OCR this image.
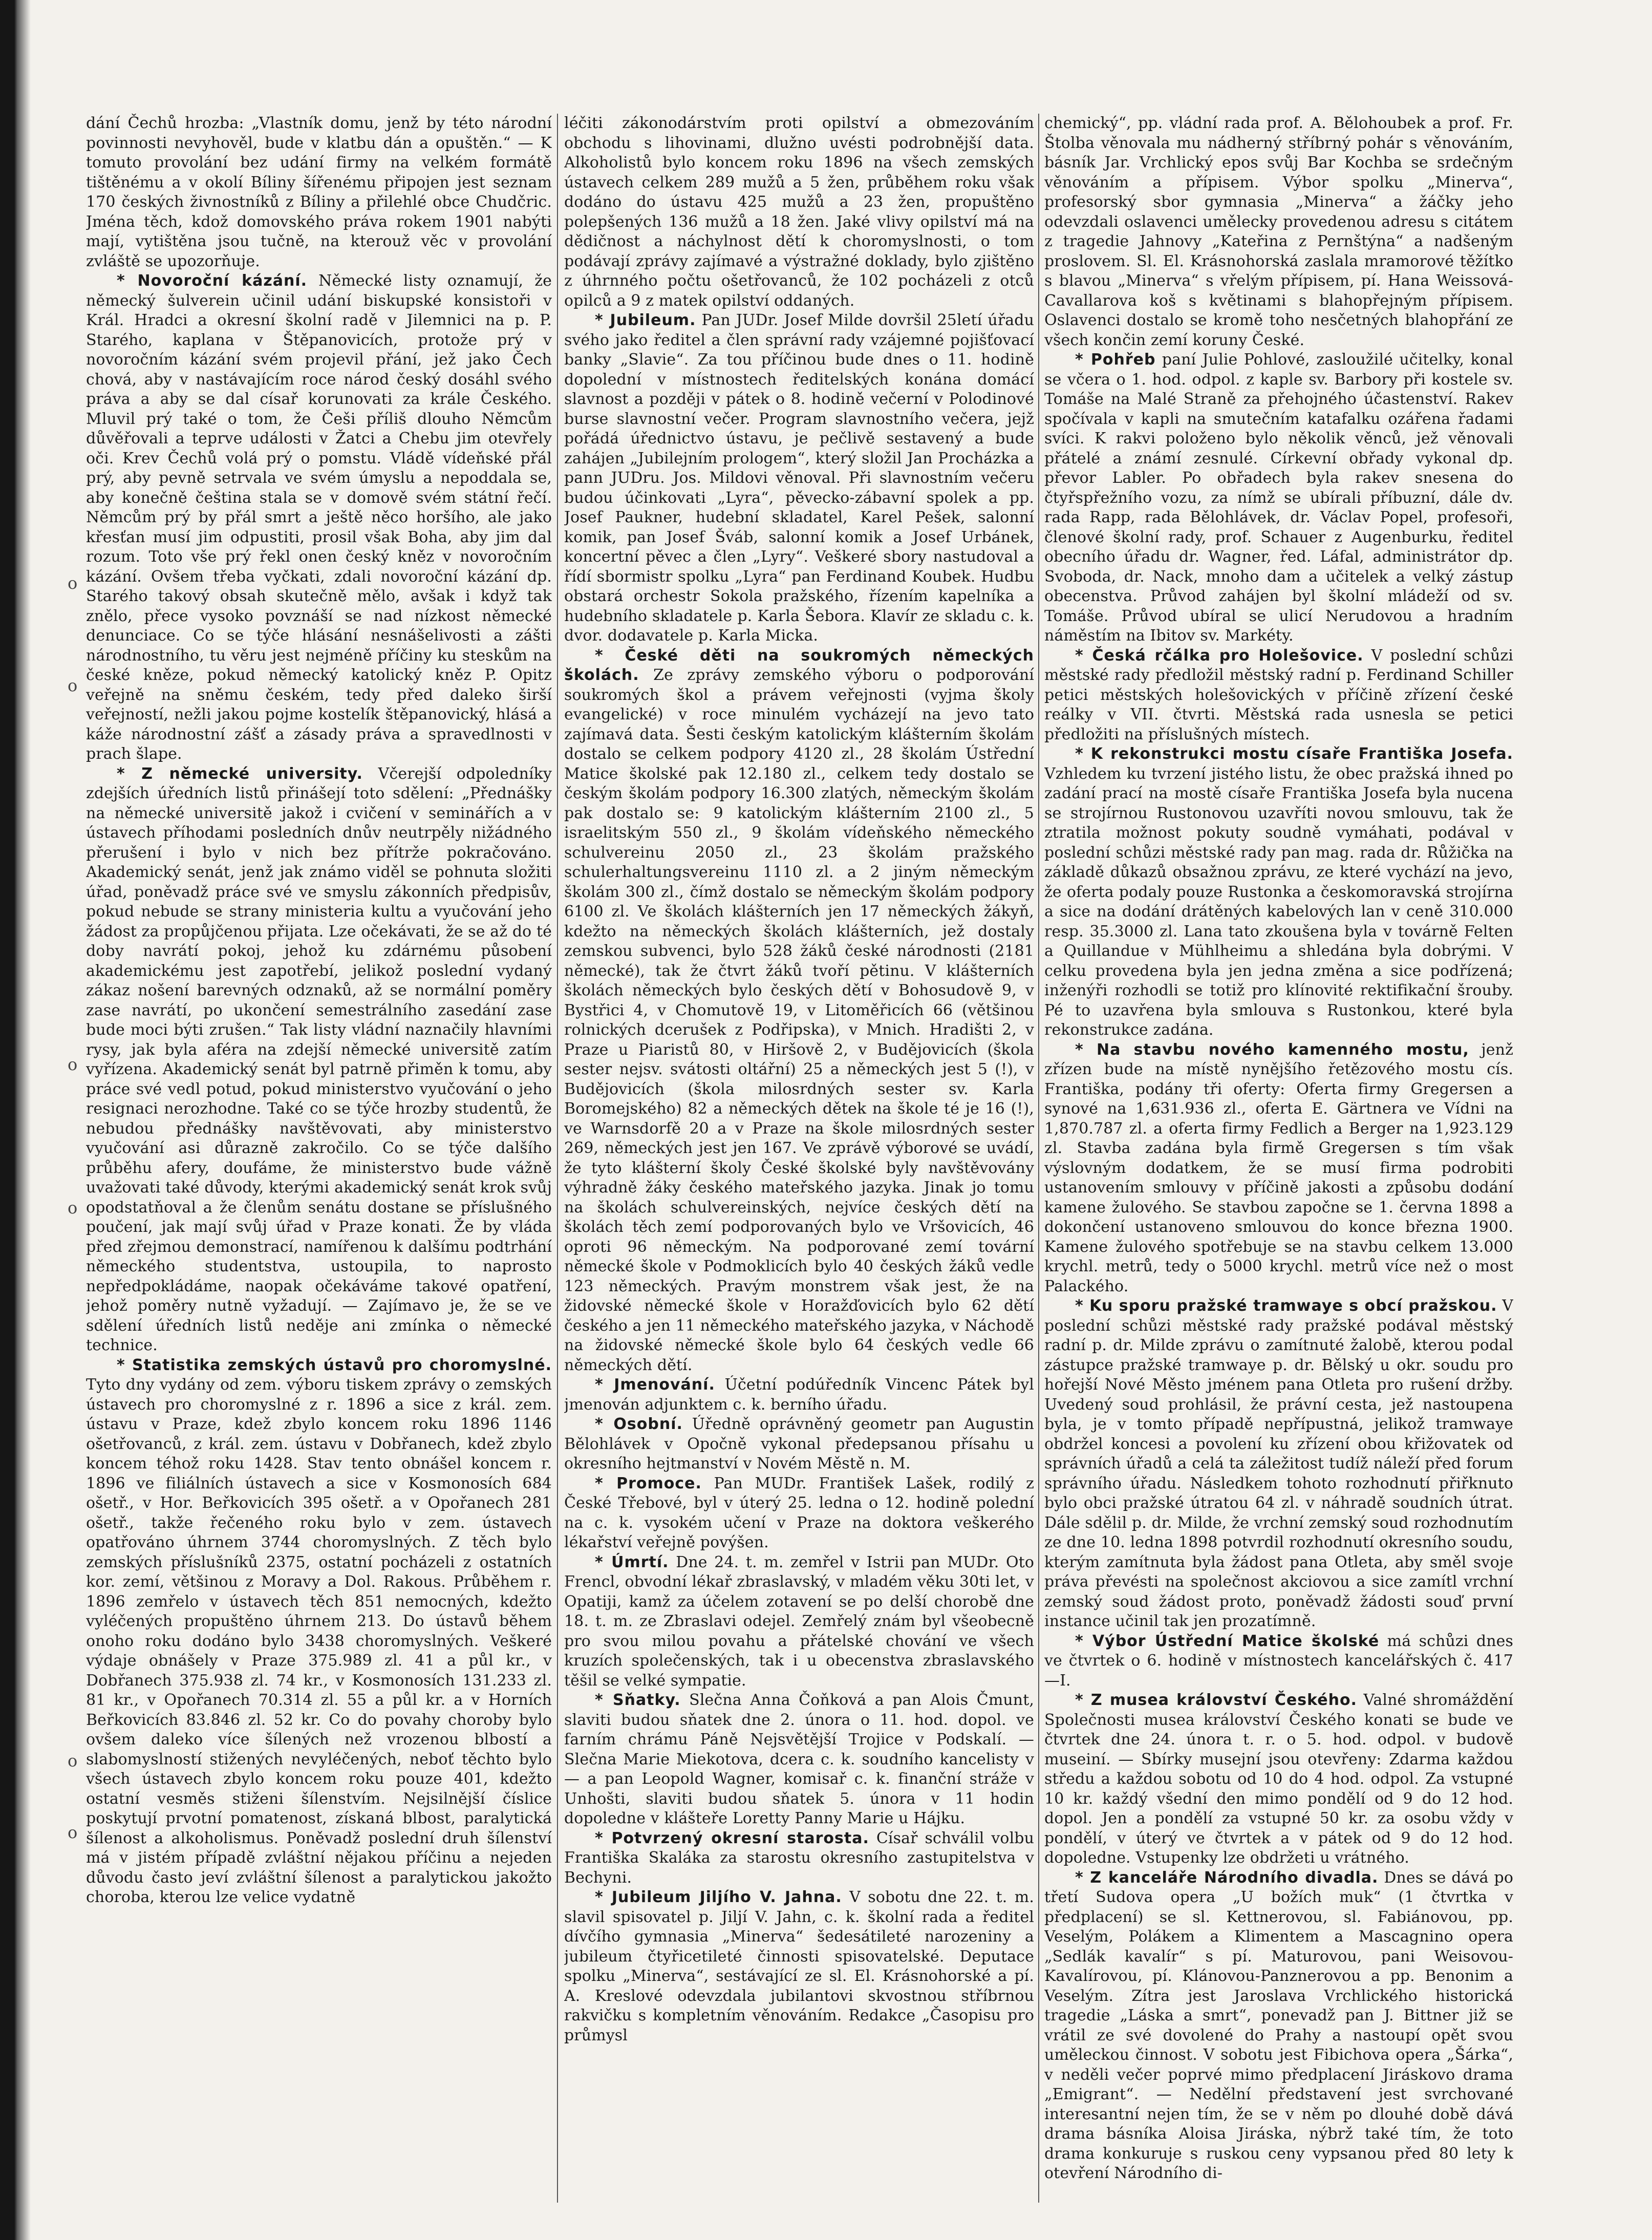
o
o
o
o
o
o

dání Čechů hrozba: „Vlastník domu, jenž by této národní povinnosti nevyhověl, bude v klatbu dán a opuštěn.“ — K tomuto provolání bez udání firmy na velkém formátě tištěnému a v okolí Bíliny šířenému připojen jest seznam 170 českých živnostníků z Bíliny a přilehlé obce Chudčric. Jména těch, kdož domovského práva rokem 1901 nabýti mají, vytištěna jsou tučně, na kterouž věc v provolání zvláště se upozorňuje.

* Novoroční kázání. Německé listy oznamují, že německý šulverein učinil udání biskupské konsistoři v Král. Hradci a okresní školní radě v Jilemnici na p. P. Starého, kaplana v Štěpanovicích, protože prý v novoročním kázání svém projevil přání, jež jako Čech chová, aby v nastávajícím roce národ český dosáhl svého práva a aby se dal císař korunovati za krále Českého. Mluvil prý také o tom, že Češi příliš dlouho Němcům důvěřovali a teprve události v Žatci a Chebu jim otevřely oči. Krev Čechů volá prý o pomstu. Vládě vídeňské přál prý, aby pevně setrvala ve svém úmyslu a nepoddala se, aby konečně čeština stala se v domově svém státní řečí. Němcům prý by přál smrt a ještě něco horšího, ale jako křesťan musí jim odpustiti, prosil však Boha, aby jim dal rozum. Toto vše prý řekl onen český kněz v novoročním kázání. Ovšem třeba vyčkati, zdali novoroční kázání dp. Starého takový obsah skutečně mělo, avšak i když tak znělo, přece vysoko povznáší se nad nízkost německé denunciace. Co se týče hlásání nesnášelivosti a zášti národnostního, tu věru jest nejméně příčiny ku steskům na české kněze, pokud německý katolický kněz P. Opitz veřejně na sněmu českém, tedy před daleko širší veřejností, nežli jakou pojme kostelík štěpanovický, hlásá a káže národnostní zášť a zásady práva a spravedlnosti v prach šlape.

* Z německé university. Včerejší odpoledníky zdejších úředních listů přinášejí toto sdělení: „Přednášky na německé universitě jakož i cvičení v seminářích a v ústavech příhodami posledních dnův neutrpěly nižádného přerušení i bylo v nich bez přítrže pokračováno. Akademický senát, jenž jak známo viděl se pohnuta složiti úřad, poněvadž práce své ve smyslu zákonních předpisův, pokud nebude se strany ministeria kultu a vyučování jeho žádost za propůjčenou přijata. Lze očekávati, že se až do té doby navrátí pokoj, jehož ku zdárnému působení akademickému jest zapotřebí, jelikož poslední vydaný zákaz nošení barevných odznaků, až se normální poměry zase navrátí, po ukončení semestrálního zasedání zase bude moci býti zrušen.“ Tak listy vládní naznačily hlavními rysy, jak byla aféra na zdejší německé universitě zatím vyřízena. Akademický senát byl patrně přiměn k tomu, aby práce své vedl potud, pokud ministerstvo vyučování o jeho resignaci nerozhodne. Také co se týče hrozby studentů, že nebudou přednášky navštěvovati, aby ministerstvo vyučování asi důrazně zakročilo. Co se týče dalšího průběhu afery, doufáme, že ministerstvo bude vážně uvažovati také důvody, kterými akademický senát krok svůj opodstatňoval a že členům senátu dostane se příslušného poučení, jak mají svůj úřad v Praze konati. Že by vláda před zřejmou demonstrací, namířenou k dalšímu podtrhání německého studentstva, ustoupila, to naprosto nepředpokládáme, naopak očekáváme takové opatření, jehož poměry nutně vyžadují. — Zajímavo je, že se ve sdělení úředních listů neděje ani zmínka o německé technice.

* Statistika zemských ústavů pro choromyslné. Tyto dny vydány od zem. výboru tiskem zprávy o zemských ústavech pro choromyslné z r. 1896 a sice z král. zem. ústavu v Praze, kdež zbylo koncem roku 1896 1146 ošetřovanců, z král. zem. ústavu v Dobřanech, kdež zbylo koncem téhož roku 1428. Stav tento obnášel koncem r. 1896 ve filiálních ústavech a sice v Kosmonosích 684 ošetř., v Hor. Beřkovicích 395 ošetř. a v Opořanech 281 ošetř., takže řečeného roku bylo v zem. ústavech opatřováno úhrnem 3744 choromyslných. Z těch bylo zemských příslušníků 2375, ostatní pocházeli z ostatních kor. zemí, většinou z Moravy a Dol. Rakous. Průběhem r. 1896 zemřelo v ústavech těch 851 nemocných, kdežto vyléčených propuštěno úhrnem 213. Do ústavů během onoho roku dodáno bylo 3438 choromyslných. Veškeré výdaje obnášely v Praze 375.989 zl. 41 a půl kr., v Dobřanech 375.938 zl. 74 kr., v Kosmonosích 131.233 zl. 81 kr., v Opořanech 70.314 zl. 55 a půl kr. a v Horních Beřkovicích 83.846 zl. 52 kr. Co do povahy choroby bylo ovšem daleko více šílených než vrozenou blbostí a slabomyslností stižených nevyléčených, neboť těchto bylo všech ústavech zbylo koncem roku pouze 401, kdežto ostatní vesměs stiženi šílenstvím. Nejsilnější číslice poskytují prvotní pomatenost, získaná blbost, paralytická šílenost a alkoholismus. Poněvadž poslední druh šílenství má v jistém případě zvláštní nějakou příčinu a nejeden důvodu často jeví zvláštní šílenost a paralytickou jakožto choroba, kterou lze velice vydatně

léčiti zákonodárstvím proti opilství a obmezováním obchodu s lihovinami, dlužno uvésti podrobnější data. Alkoholistů bylo koncem roku 1896 na všech zemských ústavech celkem 289 mužů a 5 žen, průběhem roku však dodáno do ústavu 425 mužů a 23 žen, propuštěno polepšených 136 mužů a 18 žen. Jaké vlivy opilství má na dědičnost a náchylnost dětí k choromyslnosti, o tom podávají zprávy zajímavé a výstražné doklady, bylo zjištěno z úhrnného počtu ošetřovanců, že 102 pocházeli z otců opilců a 9 z matek opilství oddaných.

* Jubileum. Pan JUDr. Josef Milde dovršil 25letí úřadu svého jako ředitel a člen správní rady vzájemné pojišťovací banky „Slavie“. Za tou příčinou bude dnes o 11. hodině dopolední v místnostech ředitelských konána domácí slavnost a později v pátek o 8. hodině večerní v Polodinové burse slavnostní večer. Program slavnostního večera, jejž pořádá úřednictvo ústavu, je pečlivě sestavený a bude zahájen „Jubilejním prologem“, který složil Jan Procházka a pann JUDru. Jos. Mildovi věnoval. Při slavnostním večeru budou účinkovati „Lyra“, pěvecko-zábavní spolek a pp. Josef Paukner, hudební skladatel, Karel Pešek, salonní komik, pan Josef Šváb, salonní komik a Josef Urbánek, koncertní pěvec a člen „Lyry“. Veškeré sbory nastudoval a řídí sbormistr spolku „Lyra“ pan Ferdinand Koubek. Hudbu obstará orchestr Sokola pražského, řízením kapelníka a hudebního skladatele p. Karla Šebora. Klavír ze skladu c. k. dvor. dodavatele p. Karla Micka.

* České děti na soukromých německých školách. Ze zprávy zemského výboru o podporování soukromých škol a právem veřejnosti (vyjma školy evangelické) v roce minulém vycházejí na jevo tato zajímavá data. Šesti českým katolickým klášterním školám dostalo se celkem podpory 4120 zl., 28 školám Ústřední Matice školské pak 12.180 zl., celkem tedy dostalo se českým školám podpory 16.300 zlatých, německým školám pak dostalo se: 9 katolickým klášterním 2100 zl., 5 israelitským 550 zl., 9 školám vídeňského německého schulvereinu 2050 zl., 23 školám pražského schulerhaltungsvereinu 1110 zl. a 2 jiným německým školám 300 zl., čímž dostalo se německým školám podpory 6100 zl. Ve školách klášterních jen 17 německých žákyň, kdežto na německých školách klášterních, jež dostaly zemskou subvenci, bylo 528 žáků české národnosti (2181 německé), tak že čtvrt žáků tvoří pětinu. V klášterních školách německých bylo českých dětí v Bohosudově 9, v Bystřici 4, v Chomutově 19, v Litoměřicích 66 (většinou rolnických dcerušek z Podřipska), v Mnich. Hradišti 2, v Praze u Piaristů 80, v Hiršově 2, v Budějovicích (škola sester nejsv. svátosti oltářní) 25 a německých jest 5 (!), v Budějovicích (škola milosrdných sester sv. Karla Boromejského) 82 a německých dětek na škole té je 16 (!), ve Warnsdorfě 20 a v Praze na škole milosrdných sester 269, německých jest jen 167. Ve zprávě výborové se uvádí, že tyto klášterní školy České školské byly navštěvovány výhradně žáky českého mateřského jazyka. Jinak jo tomu na školách schulvereinských, nejvíce českých dětí na školách těch zemí podporovaných bylo ve Vršovicích, 46 oproti 96 německým. Na podporované zemí tovární německé škole v Podmoklicích bylo 40 českých žáků vedle 123 německých. Pravým monstrem však jest, že na židovské německé škole v Horažďovicích bylo 62 dětí českého a jen 11 německého mateřského jazyka, v Náchodě na židovské německé škole bylo 64 českých vedle 66 německých dětí.

* Jmenování. Účetní podúředník Vincenc Pátek byl jmenován adjunktem c. k. berního úřadu.

* Osobní. Úředně oprávněný geometr pan Augustin Bělohlávek v Opočně vykonal předepsanou přísahu u okresního hejtmanství v Novém Městě n. M.

* Promoce. Pan MUDr. František Lašek, rodilý z České Třebové, byl v úterý 25. ledna o 12. hodině polední na c. k. vysokém učení v Praze na doktora veškerého lékařství veřejně povýšen.

* Úmrtí. Dne 24. t. m. zemřel v Istrii pan MUDr. Oto Frencl, obvodní lékař zbraslavský, v mladém věku 30ti let, v Opatiji, kamž za účelem zotavení se po delší chorobě dne 18. t. m. ze Zbraslavi odejel. Zemřelý znám byl všeobecně pro svou milou povahu a přátelské chování ve všech kruzích společenských, tak i u obecenstva zbraslavského těšil se velké sympatie.

* Sňatky. Slečna Anna Čoňková a pan Alois Čmunt, slaviti budou sňatek dne 2. února o 11. hod. dopol. ve farním chrámu Páně Nejsvětější Trojice v Podskalí. — Slečna Marie Miekotova, dcera c. k. soudního kancelisty v — a pan Leopold Wagner, komisař c. k. finanční stráže v Unhošti, slaviti budou sňatek 5. února v 11 hodin dopoledne v klášteře Loretty Panny Marie u Hájku.

* Potvrzený okresní starosta. Císař schválil volbu Františka Skalákа za starostu okresního zastupitelstva v Bechyni.

* Jubileum Jiljího V. Jahna. V sobotu dne 22. t. m. slavil spisovatel p. Jiljí V. Jahn, c. k. školní rada a ředitel dívčího gymnasia „Minerva“ šedesátileté narozeniny a jubileum čtyřicetileté činnosti spisovatelské. Deputace spolku „Minerva“, sestávající ze sl. El. Krásnohorské a pí. A. Kreslové odevzdala jubilantovi skvostnou stříbrnou rakvičku s kompletním věnováním. Redakce „Časopisu pro průmysl

chemický“, pp. vládní rada prof. A. Bělohoubek a prof. Fr. Štolba věnovala mu nádherný stříbrný pohár s věnováním, básník Jar. Vrchlický epos svůj Bar Kochba se srdečným věnováním a přípisem. Výbor spolku „Minerva“, profesorský sbor gymnasia „Minerva“ a žáčky jeho odevzdali oslavenci umělecky provedenou adresu s citátem z tragedie Jahnovy „Kateřina z Pernštýna“ a nadšeným proslovem. Sl. El. Krásnohorská zaslala mramorové těžítko s blavou „Minerva“ s vřelým přípisem, pí. Hana Weissová-Cavallarova koš s květinami s blahopřejným přípisem. Oslavenci dostalo se kromě toho nesčetných blahopřání ze všech končin zemí koruny České.

* Pohřeb paní Julie Pohlové, zasloužilé učitelky, konal se včera o 1. hod. odpol. z kaple sv. Barbory při kostele sv. Tomáše na Malé Straně za přehojného účastenství. Rakev spočívala v kapli na smutečním katafalku ozářena řadami svíci. K rakvi položeno bylo několik věnců, jež věnovali přátelé a známí zesnulé. Církevní obřady vykonal dp. převor Labler. Po obřadech byla rakev snesena do čtyřspřežního vozu, za nímž se ubírali příbuzní, dále dv. rada Rapp, rada Bělohlávek, dr. Václav Popel, profesoři, členové školní rady, prof. Schauer z Augenburku, ředitel obecního úřadu dr. Wagner, řed. Láfal, administrátor dp. Svoboda, dr. Nack, mnoho dam a učitelek a velký zástup obecenstva. Průvod zahájen byl školní mládeží od sv. Tomáše. Průvod ubíral se ulicí Nerudovou a hradním náměstím na Ibitov sv. Markéty.

* Česká rčálka pro Holešovice. V poslední schůzi městské rady předložil městský radní p. Ferdinand Schiller petici městských holešovických v příčině zřízení české reálky v VII. čtvrti. Městská rada usnesla se petici předložiti na příslušných místech.

* K rekonstrukci mostu císaře Františka Josefa. Vzhledem ku tvrzení jistého listu, že obec pražská ihned po zadání prací na mostě císaře Františka Josefa byla nucena se strojírnou Rustonovou uzavříti novou smlouvu, tak že ztratila možnost pokuty soudně vymáhati, podával v poslední schůzi městské rady pan mag. rada dr. Růžička na základě důkazů obsažnou zprávu, ze které vychází na jevo, že oferta podaly pouze Rustonka a českomoravská strojírna a sice na dodání drátěných kabelových lan v ceně 310.000 resp. 35.3000 zl. Lana tato zkoušena byla v továrně Felten a Quillandue v Mühlheimu a shledána byla dobrými. V celku provedena byla jen jedna změna a sice podřízená; inženýři rozhodli se totiž pro klínovité rektifikační šrouby. Pé to uzavřena byla smlouva s Rustonkou, které byla rekonstrukce zadána.

* Na stavbu nového kamenného mostu, jenž zřízen bude na místě nynějšího řetězového mostu cís. Františka, podány tři oferty: Oferta firmy Gregersen a synové na 1,631.936 zl., oferta E. Gärtnera ve Vídni na 1,870.787 zl. a oferta firmy Fedlich a Berger na 1,923.129 zl. Stavba zadána byla firmě Gregersen s tím však výslovným dodatkem, že se musí firma podrobiti ustanovením smlouvy v příčině jakosti a způsobu dodání kamene žulového. Se stavbou započne se 1. června 1898 a dokončení ustanoveno smlouvou do konce března 1900. Kamene žulového spotřebuje se na stavbu celkem 13.000 krychl. metrů, tedy o 5000 krychl. metrů více než o most Palackého.

* Ku sporu pražské tramwaye s obcí pražskou. V poslední schůzi městské rady pražské podával městský radní p. dr. Milde zprávu o zamítnuté žalobě, kterou podal zástupce pražské tramwaye p. dr. Bělský u okr. soudu pro hořejší Nové Město jménem pana Otleta pro rušení držby. Uvedený soud prohlásil, že právní cesta, jež nastoupena byla, je v tomto případě nepřípustná, jelikož tramwaye obdržel koncesi a povolení ku zřízení obou křižovatek od správních úřadů a celá ta záležitost tudíž náleží před forum správního úřadu. Následkem tohoto rozhodnutí přiřknuto bylo obci pražské útratou 64 zl. v náhradě soudních útrat. Dále sdělil p. dr. Milde, že vrchní zemský soud rozhodnutím ze dne 10. ledna 1898 potvrdil rozhodnutí okresního soudu, kterým zamítnuta byla žádost pana Otleta, aby směl svoje práva převésti na společnost akciovou a sice zamítl vrchní zemský soud žádost proto, poněvadž žádosti souď první instance učinil tak jen prozatímně.

* Výbor Ústřední Matice školské má schůzi dnes ve čtvrtek o 6. hodině v místnostech kancelářských č. 417—I.

* Z musea království Českého. Valné shromáždění Společnosti musea království Českého konati se bude ve čtvrtek dne 24. února t. r. o 5. hod. odpol. v budově museiní. — Sbírky musejní jsou otevřeny: Zdarma každou středu a každou sobotu od 10 do 4 hod. odpol. Za vstupné 10 kr. každý všední den mimo pondělí od 9 do 12 hod. dopol. Jen a pondělí za vstupné 50 kr. za osobu vždy v pondělí, v úterý ve čtvrtek a v pátek od 9 do 12 hod. dopoledne. Vstupenky lze obdržeti u vrátného.

* Z kanceláře Národního divadla. Dnes se dává po třetí Sudova opera „U božích muk“ (1 čtvrtka v předplacení) se sl. Kettnerovou, sl. Fabiánovou, pp. Veselým, Polákem a Klimentem a Mascagnino opera „Sedlák kavalír“ s pí. Maturovou, pani Weisovou-Kavalírovou, pí. Klánovou-Panznerovou a pp. Benonim a Veselým. Zítra jest Jaroslava Vrchlického historická tragedie „Láska a smrt“, ponevadž pan J. Bittner již se vrátil ze své dovolené do Prahy a nastoupí opět svou uměleckou činnost. V sobotu jest Fibichova opera „Šárka“, v neděli večer poprvé mimo předplacení Jiráskovo drama „Emigrant“. — Nedělní představení jest svrchované interesantní nejen tím, že se v něm po dlouhé době dává drama básníka Aloisa Jiráska, nýbrž také tím, že toto drama konkuruje s ruskou ceny vypsanou před 80 lety k otevření Národního di-
